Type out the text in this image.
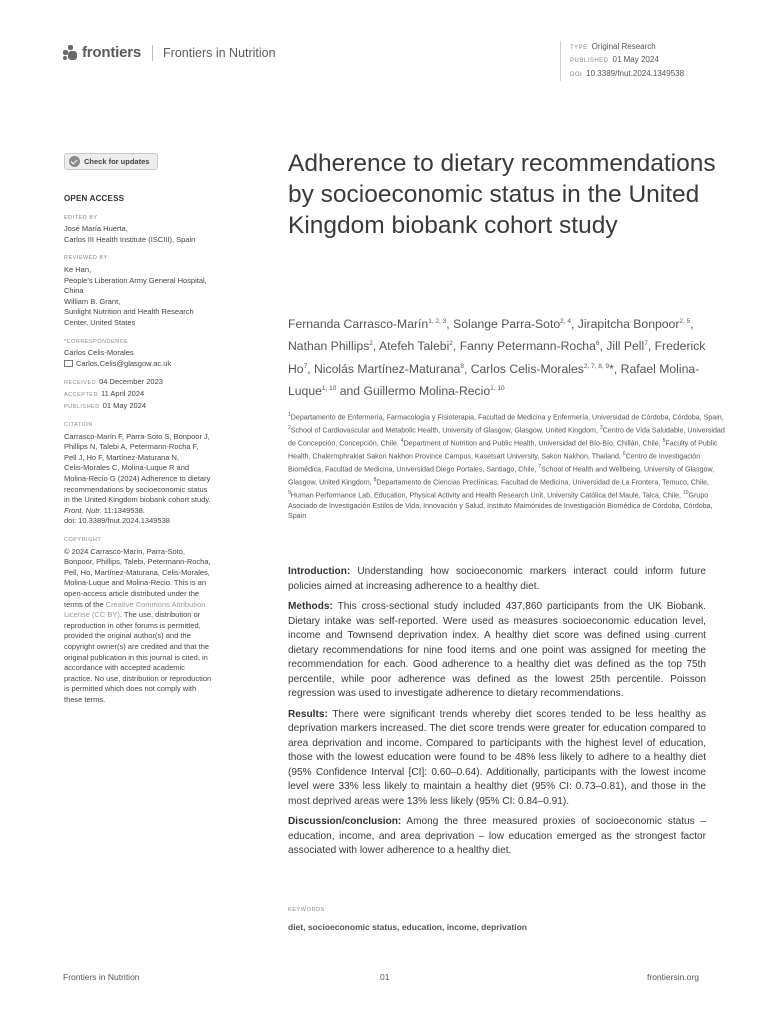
frontiers Frontiers in Nutrition	TYPE Original Research
PUBLISHED 01 May 2024
DOI 10.3389/fnut.2024.1349538
Check for updates
OPEN ACCESS
EDITED BY
José María Huerta,
Carlos III Health Institute (ISCIII), Spain
REVIEWED BY
Ke Han,
People's Liberation Army General Hospital,
China
William B. Grant,
Sunlight Nutrition and Health Research
Center, United States
*CORRESPONDENCE
Carlos Celis-Morales
Carlos.Celis@glasgow.ac.uk
RECEIVED 04 December 2023
ACCEPTED 11 April 2024
PUBLISHED 01 May 2024
CITATION
Carrasco-Marín F, Parra-Soto S, Bonpoor J,
Phillips N, Talebi A, Petermann-Rocha F,
Pell J, Ho F, Martínez-Maturana N,
Celis-Morales C, Molina-Luque R and
Molina-Recio G (2024) Adherence to dietary
recommendations by socioeconomic status
in the United Kingdom biobank cohort study.
Front. Nutr. 11:1349538.
doi: 10.3389/fnut.2024.1349538
COPYRIGHT
© 2024 Carrasco-Marín, Parra-Soto,
Bonpoor, Phillips, Talebi, Petermann-Rocha,
Pell, Ho, Martínez-Maturana, Celis-Morales,
Molina-Luque and Molina-Recio. This is an
open-access article distributed under the
terms of the Creative Commons Attribution
License (CC BY). The use, distribution or
reproduction in other forums is permitted,
provided the original author(s) and the
copyright owner(s) are credited and that the
original publication in this journal is cited, in
accordance with accepted academic
practice. No use, distribution or reproduction
is permitted which does not comply with
these terms.
Adherence to dietary recommendations by socioeconomic status in the United Kingdom biobank cohort study
Fernanda Carrasco-Marín$^{1, 2, 3}$, Solange Parra-Soto$^{2, 4}$, Jirapitcha Bonpoor$^{2, 5}$, Nathan Phillips$^2$, Atefeh Talebi$^2$, Fanny Petermann-Rocha$^6$, Jill Pell$^7$, Frederick Ho$^7$, Nicolás Martínez-Maturana$^8$, Carlos Celis-Morales$^{2, 7, 8, 9}$*, Rafael Molina-Luque$^{1, 10}$ and Guillermo Molina-Recio$^{1, 10}$
$^1$Departamento de Enfermería, Farmacología y Fisioterapia, Facultad de Medicina y Enfermería, Universidad de Córdoba, Córdoba, Spain, $^2$School of Cardiovascular and Metabolic Health, University of Glasgow, Glasgow, United Kingdom, $^3$Centro de Vida Saludable, Universidad de Concepción, Concepción, Chile, $^4$Department of Nutrition and Public Health, Universidad del Bío-Bío, Chillán, Chile, $^5$Faculty of Public Health, Chalermphrakiat Sakon Nakhon Province Campus, Kasetsart University, Sakon Nakhon, Thailand, $^6$Centro de Investigación Biomédica, Facultad de Medicina, Universidad Diego Portales, Santiago, Chile, $^7$School of Health and Wellbeing, University of Glasgow, Glasgow, United Kingdom, $^8$Departamento de Ciencias Preclínicas, Facultad de Medicina, Universidad de La Frontera, Temuco, Chile, $^9$Human Performance Lab, Education, Physical Activity and Health Research Unit, University Católica del Maule, Talca, Chile, $^{10}$Grupo Asociado de Investigación Estilos de Vida, Innovación y Salud, Instituto Maimónides de Investigación Biomédica de Córdoba, Córdoba, Spain

Introduction: Understanding how socioeconomic markers interact could inform future policies aimed at increasing adherence to a healthy diet.

Methods: This cross-sectional study included 437,860 participants from the UK Biobank. Dietary intake was self-reported. Were used as measures socioeconomic education level, income and Townsend deprivation index. A healthy diet score was defined using current dietary recommendations for nine food items and one point was assigned for meeting the recommendation for each. Good adherence to a healthy diet was defined as the top 75th percentile, while poor adherence was defined as the lowest 25th percentile. Poisson regression was used to investigate adherence to dietary recommendations.

Results: There were significant trends whereby diet scores tended to be less healthy as deprivation markers increased. The diet score trends were greater for education compared to area deprivation and income. Compared to participants with the highest level of education, those with the lowest education were found to be 48% less likely to adhere to a healthy diet (95% Confidence Interval [CI]: 0.60–0.64). Additionally, participants with the lowest income level were 33% less likely to maintain a healthy diet (95% CI: 0.73–0.81), and those in the most deprived areas were 13% less likely (95% CI: 0.84–0.91).

Discussion/conclusion: Among the three measured proxies of socioeconomic status – education, income, and area deprivation – low education emerged as the strongest factor associated with lower adherence to a healthy diet.

KEYWORDS
diet, socioeconomic status, education, income, deprivation
Frontiers in Nutrition	01	frontiersin.org
